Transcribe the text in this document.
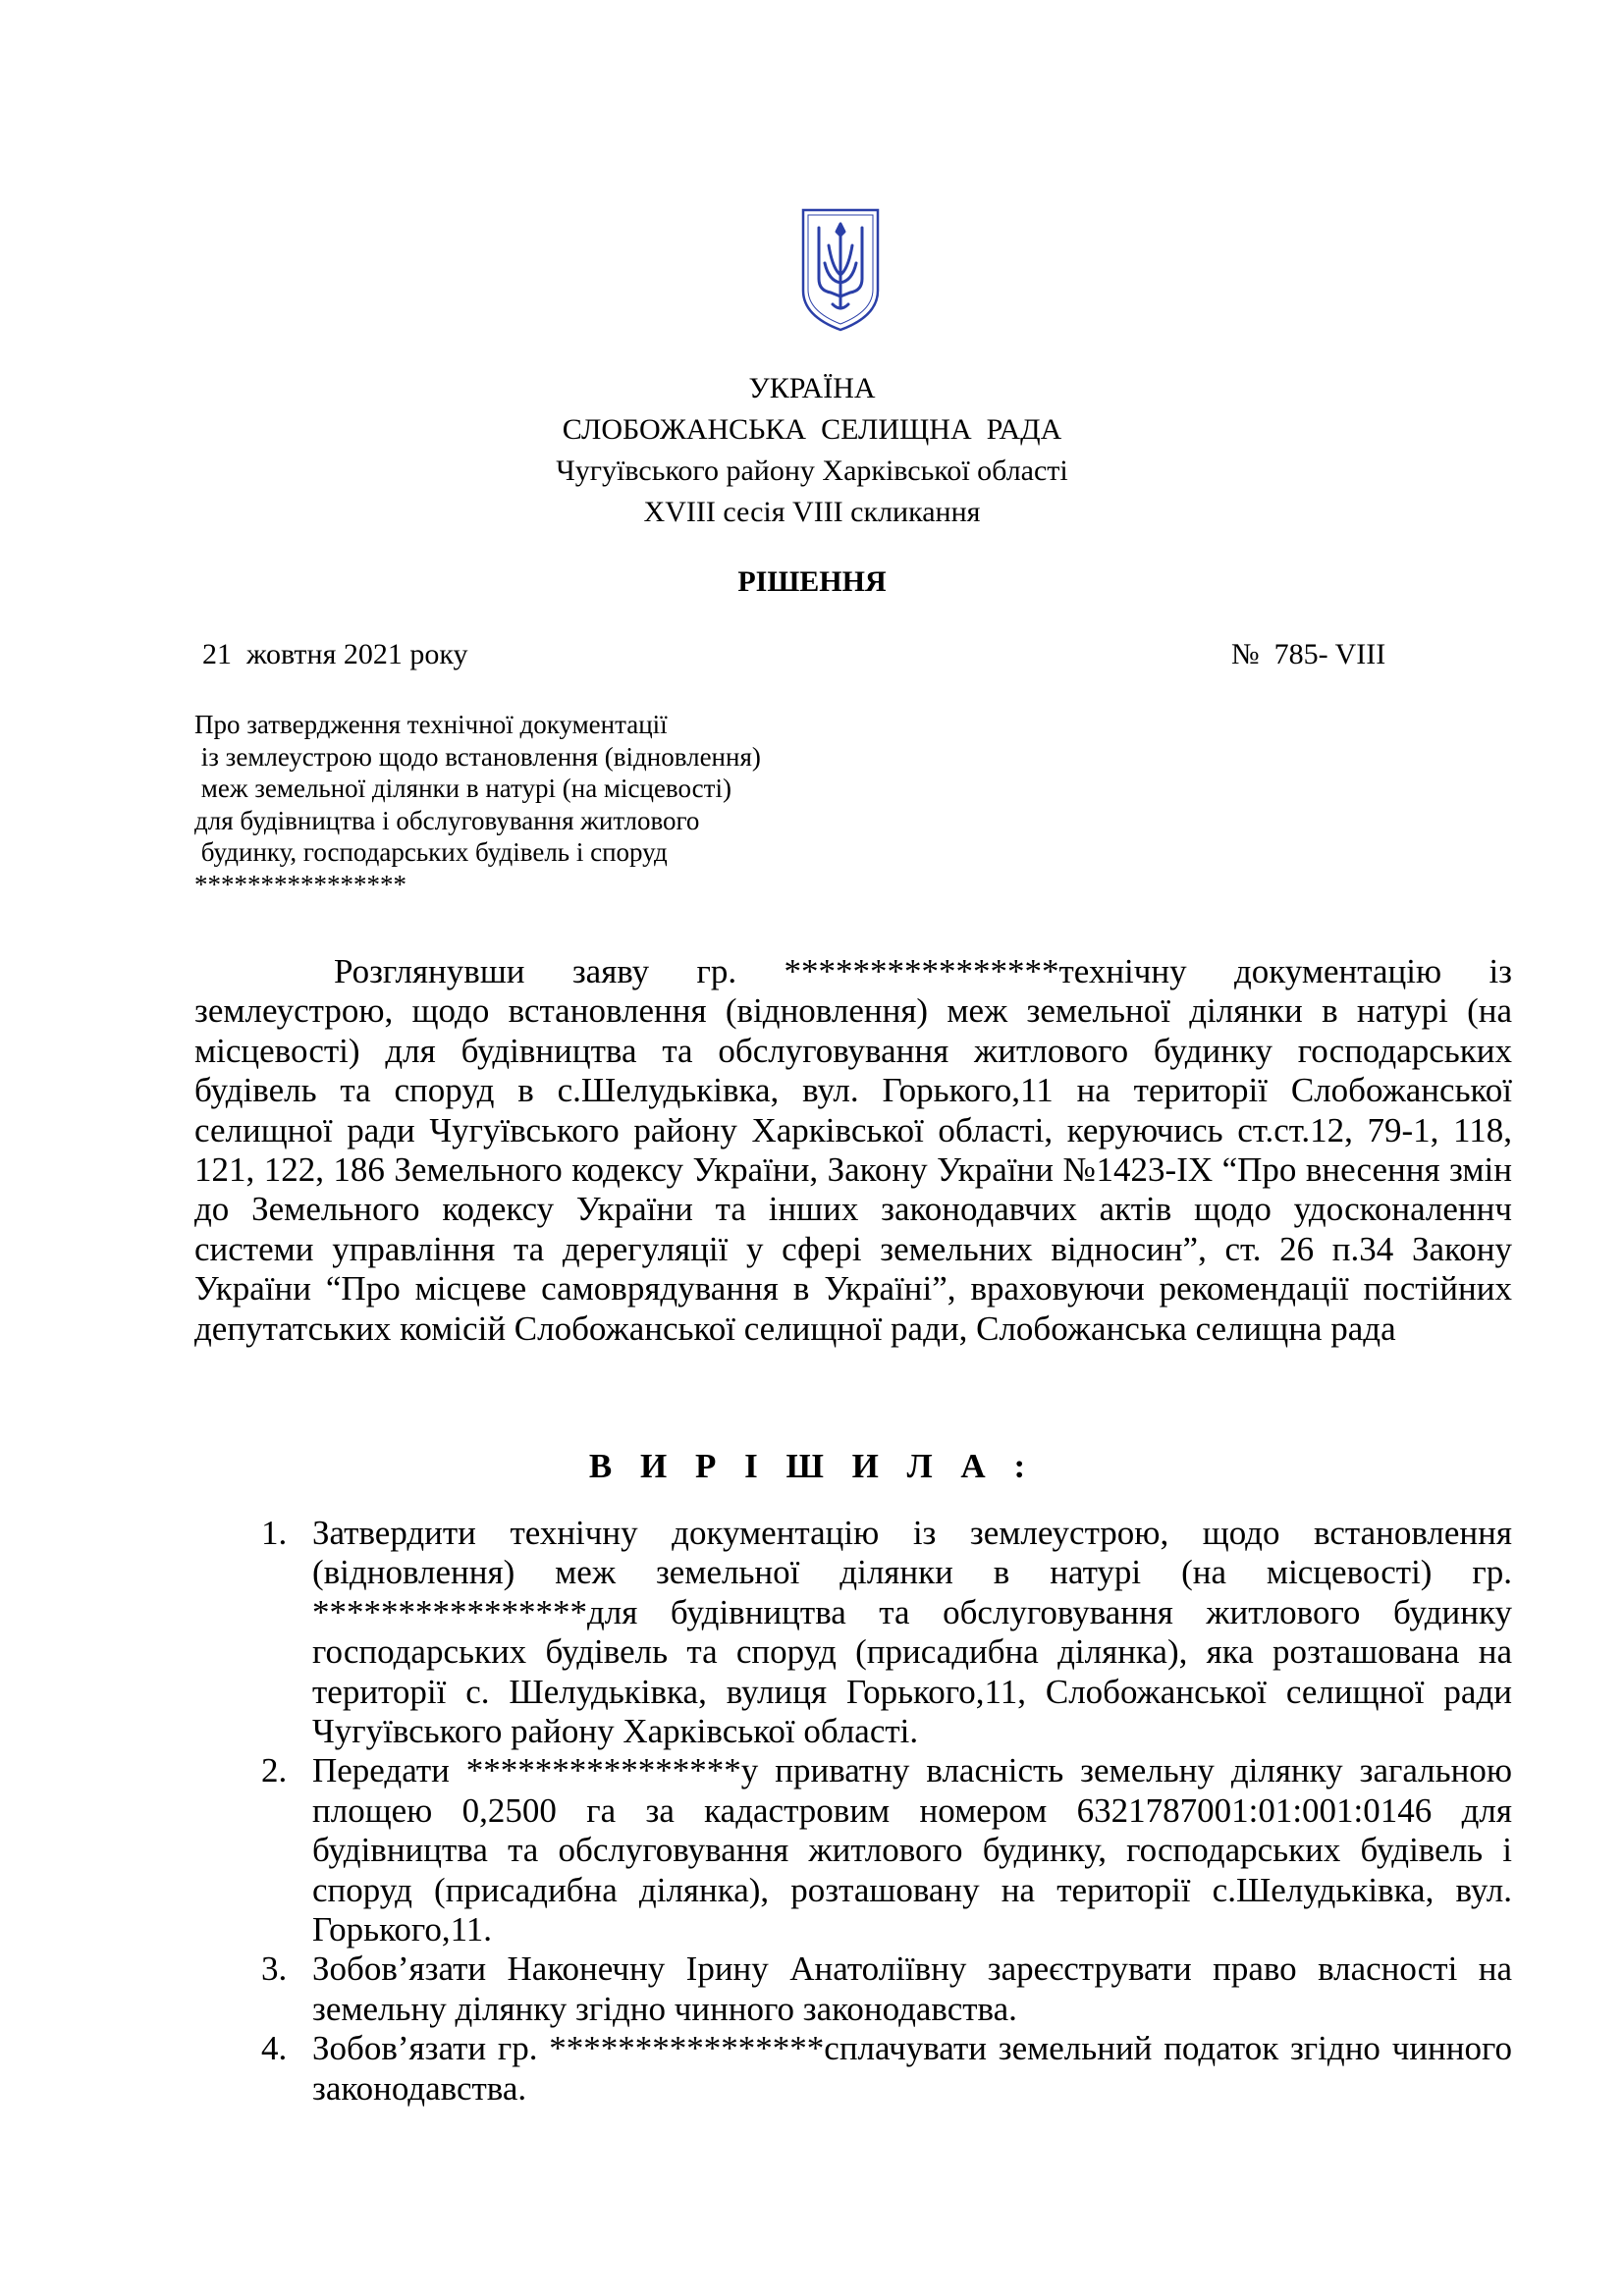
УКРАЇНА
СЛОБОЖАНСЬКА  СЕЛИЩНА  РАДА
Чугуївського району Харківської області
XVIII сесія VIII скликання
РІШЕННЯ
21  жовтня 2021 року	№  785- VIII
Про затвердження технічної документації
із землеустрою щодо встановлення (відновлення)
меж земельної ділянки в натурі (на місцевості)
для будівництва і обслуговування житлового
будинку, господарських будівель і споруд
****************
Розглянувши заяву гр. ****************технічну документацію із землеустрою, щодо встановлення (відновлення) меж земельної ділянки в натурі (на місцевості) для будівництва та обслуговування житлового будинку господарських будівель та споруд в с.Шелудьківка, вул. Горького,11 на території Слобожанської селищної ради Чугуївського району Харківської області, керуючись ст.ст.12, 79-1, 118, 121, 122, 186 Земельного кодексу України, Закону України №1423-IX “Про внесення змін до Земельного кодексу України та інших законодавчих актів щодо удосконаленнч системи управління та дерегуляції у сфері земельних відносин”, ст. 26 п.34 Закону України “Про місцеве самоврядування в Україні”, враховуючи рекомендації постійних депутатських комісій Слобожанської селищної ради, Слобожанська селищна рада
В И Р І Ш И Л А :
1. Затвердити технічну документацію із землеустрою, щодо встановлення (відновлення) меж земельної ділянки в натурі (на місцевості) гр. ****************для будівництва та обслуговування житлового будинку господарських будівель та споруд (присадибна ділянка), яка розташована на території с. Шелудьківка, вулиця Горького,11, Слобожанської селищної ради Чугуївського району Харківської області.
2. Передати ****************у приватну власність земельну ділянку загальною площею 0,2500 га за кадастровим номером 6321787001:01:001:0146 для будівництва та обслуговування житлового будинку, господарських будівель і споруд (присадибна ділянка), розташовану на території с.Шелудьківка, вул. Горького,11.
3. Зобов’язати Наконечну Ірину Анатоліївну зареєструвати право власності на земельну ділянку згідно чинного законодавства.
4. Зобов’язати гр. ****************сплачувати земельний податок згідно чинного законодавства.
